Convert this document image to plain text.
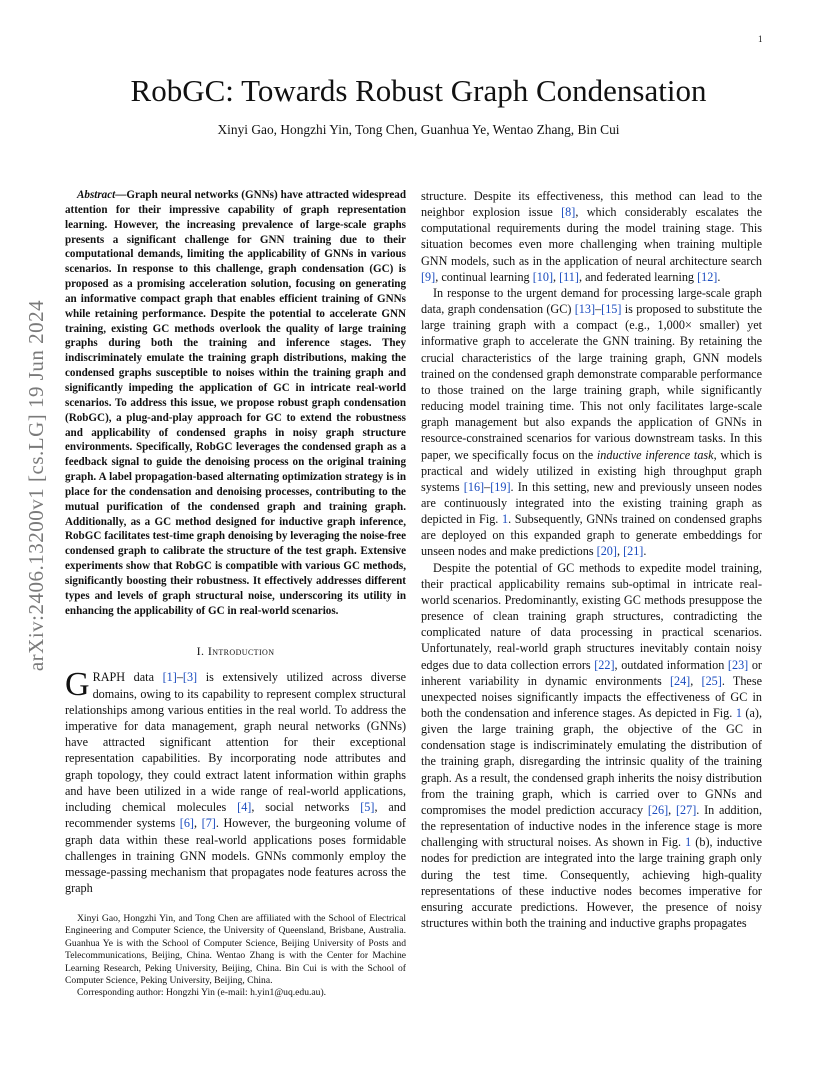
1
arXiv:2406.13200v1 [cs.LG] 19 Jun 2024
RobGC: Towards Robust Graph Condensation
Xinyi Gao, Hongzhi Yin, Tong Chen, Guanhua Ye, Wentao Zhang, Bin Cui

Abstract—Graph neural networks (GNNs) have attracted widespread attention for their impressive capability of graph representation learning. However, the increasing prevalence of large-scale graphs presents a significant challenge for GNN training due to their computational demands, limiting the applicability of GNNs in various scenarios. In response to this challenge, graph condensation (GC) is proposed as a promising acceleration solution, focusing on generating an informative compact graph that enables efficient training of GNNs while retaining performance. Despite the potential to accelerate GNN training, existing GC methods overlook the quality of large training graphs during both the training and inference stages. They indiscriminately emulate the training graph distributions, making the condensed graphs susceptible to noises within the training graph and significantly impeding the application of GC in intricate real-world scenarios. To address this issue, we propose robust graph condensation (RobGC), a plug-and-play approach for GC to extend the robustness and applicability of condensed graphs in noisy graph structure environments. Specifically, RobGC leverages the condensed graph as a feedback signal to guide the denoising process on the original training graph. A label propagation-based alternating optimization strategy is in place for the condensation and denoising processes, contributing to the mutual purification of the condensed graph and training graph. Additionally, as a GC method designed for inductive graph inference, RobGC facilitates test-time graph denoising by leveraging the noise-free condensed graph to calibrate the structure of the test graph. Extensive experiments show that RobGC is compatible with various GC methods, significantly boosting their robustness. It effectively addresses different types and levels of graph structural noise, underscoring its utility in enhancing the applicability of GC in real-world scenarios.

I. Introduction

GRAPH data [1]–[3] is extensively utilized across diverse domains, owing to its capability to represent complex structural relationships among various entities in the real world. To address the imperative for data management, graph neural networks (GNNs) have attracted significant attention for their exceptional representation capabilities. By incorporating node attributes and graph topology, they could extract latent information within graphs and have been utilized in a wide range of real-world applications, including chemical molecules [4], social networks [5], and recommender systems [6], [7]. However, the burgeoning volume of graph data within these real-world applications poses formidable challenges in training GNN models. GNNs commonly employ the message-passing mechanism that propagates node features across the graph

Xinyi Gao, Hongzhi Yin, and Tong Chen are affiliated with the School of Electrical Engineering and Computer Science, the University of Queensland, Brisbane, Australia. Guanhua Ye is with the School of Computer Science, Beijing University of Posts and Telecommunications, Beijing, China. Wentao Zhang is with the Center for Machine Learning Research, Peking University, Beijing, China. Bin Cui is with the School of Computer Science, Peking University, Beijing, China.

Corresponding author: Hongzhi Yin (e-mail: h.yin1@uq.edu.au).

structure. Despite its effectiveness, this method can lead to the neighbor explosion issue [8], which considerably escalates the computational requirements during the model training stage. This situation becomes even more challenging when training multiple GNN models, such as in the application of neural architecture search [9], continual learning [10], [11], and federated learning [12].

In response to the urgent demand for processing large-scale graph data, graph condensation (GC) [13]–[15] is proposed to substitute the large training graph with a compact (e.g., 1,000× smaller) yet informative graph to accelerate the GNN training. By retaining the crucial characteristics of the large training graph, GNN models trained on the condensed graph demonstrate comparable performance to those trained on the large training graph, while significantly reducing model training time. This not only facilitates large-scale graph management but also expands the application of GNNs in resource-constrained scenarios for various downstream tasks. In this paper, we specifically focus on the inductive inference task, which is practical and widely utilized in existing high throughput graph systems [16]–[19]. In this setting, new and previously unseen nodes are continuously integrated into the existing training graph as depicted in Fig. 1. Subsequently, GNNs trained on condensed graphs are deployed on this expanded graph to generate embeddings for unseen nodes and make predictions [20], [21].

Despite the potential of GC methods to expedite model training, their practical applicability remains sub-optimal in intricate real-world scenarios. Predominantly, existing GC methods presuppose the presence of clean training graph structures, contradicting the complicated nature of data processing in practical scenarios. Unfortunately, real-world graph structures inevitably contain noisy edges due to data collection errors [22], outdated information [23] or inherent variability in dynamic environments [24], [25]. These unexpected noises significantly impacts the effectiveness of GC in both the condensation and inference stages. As depicted in Fig. 1 (a), given the large training graph, the objective of the GC in condensation stage is indiscriminately emulating the distribution of the training graph, disregarding the intrinsic quality of the training graph. As a result, the condensed graph inherits the noisy distribution from the training graph, which is carried over to GNNs and compromises the model prediction accuracy [26], [27]. In addition, the representation of inductive nodes in the inference stage is more challenging with structural noises. As shown in Fig. 1 (b), inductive nodes for prediction are integrated into the large training graph only during the test time. Consequently, achieving high-quality representations of these inductive nodes becomes imperative for ensuring accurate predictions. However, the presence of noisy structures within both the training and inductive graphs propagates
